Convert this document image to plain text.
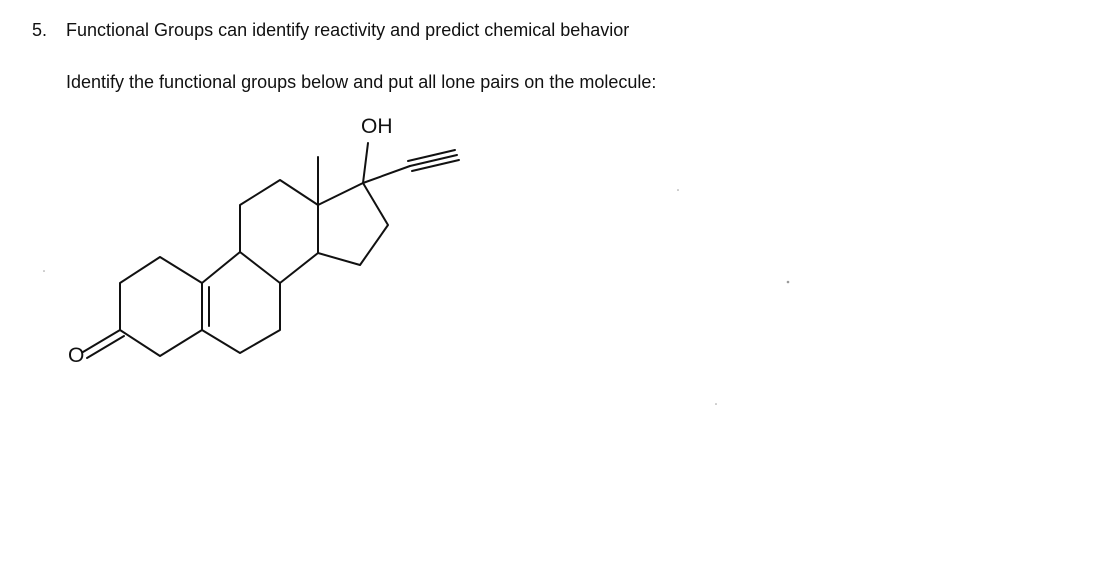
5. Functional Groups can identify reactivity and predict chemical behavior
Identify the functional groups below and put all lone pairs on the molecule:
O
OH
